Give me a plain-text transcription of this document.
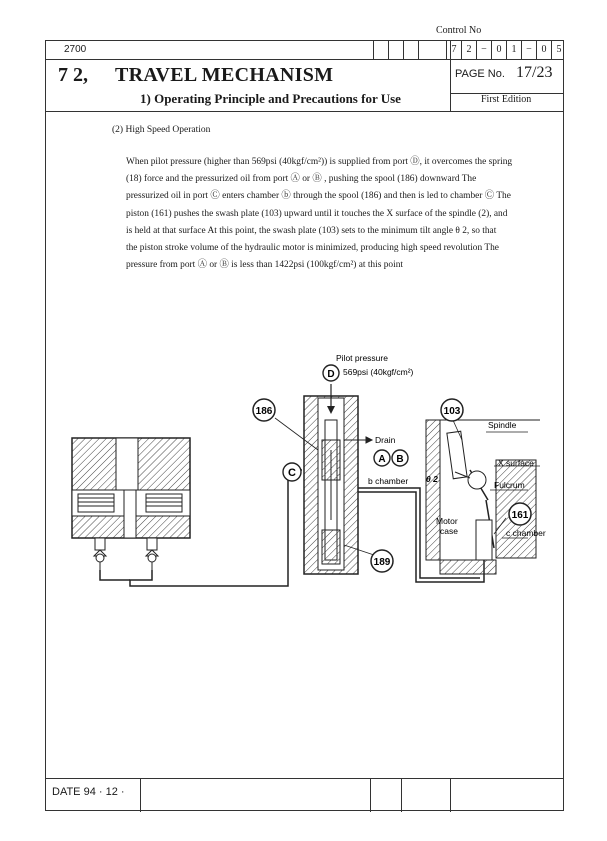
Control No
2700	7	2 − 0	1 − 0	5
7 2, TRAVEL MECHANISM
1) Operating Principle and Precautions for Use
PAGE No. 17/23
First Edition
(2) High Speed Operation
When pilot pressure (higher than 569psi (40kgf/cm²)) is supplied from port Ⓓ, it overcomes the spring
(18) force and the pressurized oil from port Ⓐ or Ⓑ , pushing the spool (186) downward The
pressurized oil in port Ⓒ enters chamber ⓑ through the spool (186) and then is led to chamber Ⓒ The
piston (161) pushes the swash plate (103) upward until it touches the X surface of the spindle (2), and
is held at that surface At this point, the swash plate (103) sets to the minimum tilt angle θ 2, so that
the piston stroke volume of the hydraulic motor is minimized, producing high speed revolution The
pressure from port Ⓐ or Ⓑ is less than 1422psi (100kgf/cm²) at this point
186
189
103
161
D
A B
C
Pilot pressure
569psi (40kgf/cm²)
Drain
b chamber θ 2
Spindle
X surface
Fulcrum
Motor
case	c chamber
DATE 94 · 12 ·
